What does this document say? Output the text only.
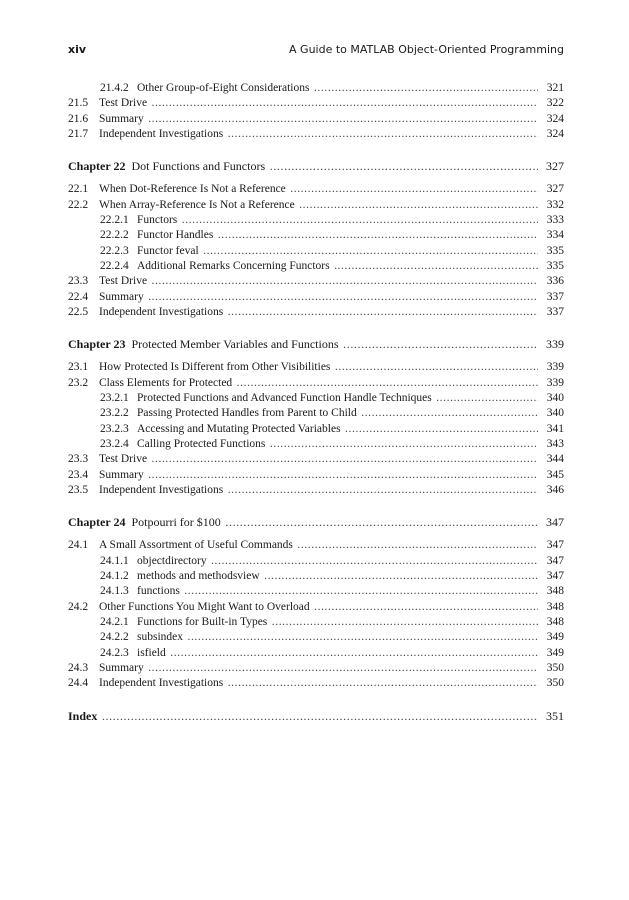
xiv	A Guide to MATLAB Object-Oriented Programming
21.4.2 Other Group-of-Eight Considerations .....	321
21.5 Test Drive .....	322
21.6 Summary .....	324
21.7 Independent Investigations .....	324
Chapter 22 Dot Functions and Functors .....	327
22.1 When Dot-Reference Is Not a Reference .....	327
22.2 When Array-Reference Is Not a Reference .....	332
22.2.1 Functors .....	333
22.2.2 Functor Handles .....	334
22.2.3 Functor feval .....	335
22.2.4 Additional Remarks Concerning Functors .....	335
23.3 Test Drive .....	336
22.4 Summary .....	337
22.5 Independent Investigations .....	337
Chapter 23 Protected Member Variables and Functions .....	339
23.1 How Protected Is Different from Other Visibilities .....	339
23.2 Class Elements for Protected .....	339
23.2.1 Protected Functions and Advanced Function Handle Techniques .....	340
23.2.2 Passing Protected Handles from Parent to Child .....	340
23.2.3 Accessing and Mutating Protected Variables .....	341
23.2.4 Calling Protected Functions .....	343
23.3 Test Drive .....	344
23.4 Summary .....	345
23.5 Independent Investigations .....	346
Chapter 24 Potpourri for $100 .....	347
24.1 A Small Assortment of Useful Commands .....	347
24.1.1 objectdirectory .....	347
24.1.2 methods and methodsview .....	347
24.1.3 functions .....	348
24.2 Other Functions You Might Want to Overload .....	348
24.2.1 Functions for Built-in Types .....	348
24.2.2 subsindex .....	349
24.2.3 isfield .....	349
24.3 Summary .....	350
24.4 Independent Investigations .....	350
Index .....	351
